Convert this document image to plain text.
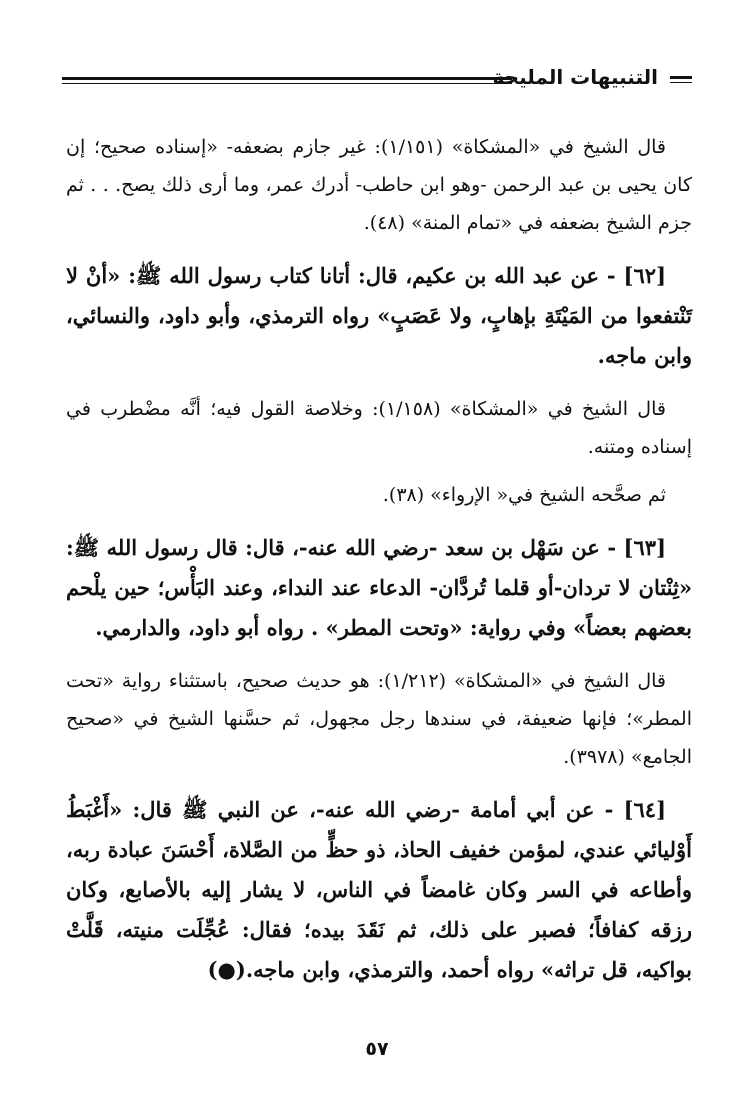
التنبيهات المليحة

قال الشيخ في «المشكاة» (١/١٥١): غير جازم بضعفه- «إسناده صحيح؛ إن كان يحيى بن عبد الرحمن -وهو ابن حاطب- أدرك عمر، وما أرى ذلك يصح. . . ثم جزم الشيخ بضعفه في «تمام المنة» (٤٨).

[٦٢] - عن عبد الله بن عكيم، قال: أتانا كتاب رسول الله ﷺ: «أنْ لا تَنْتفعوا من المَيْتَةِ بإهابٍ، ولا عَصَبٍ» رواه الترمذي، وأبو داود، والنسائي، وابن ماجه.

قال الشيخ في «المشكاة» (١/١٥٨): وخلاصة القول فيه؛ أنَّه مضْطرب في إسناده ومتنه.

ثم صحَّحه الشيخ في« الإرواء» (٣٨).

[٦٣] - عن سَهْل بن سعد -رضي الله عنه-، قال: قال رسول الله ﷺ: «ثِنْتان لا تردان-أو قلما تُردَّان- الدعاء عند النداء، وعند البَأْس؛ حين يلْحم بعضهم بعضاً» وفي رواية: «وتحت المطر» . رواه أبو داود، والدارمي.

قال الشيخ في «المشكاة» (١/٢١٢): هو حديث صحيح، باستثناء رواية «تحت المطر»؛ فإنها ضعيفة، في سندها رجل مجهول، ثم حسَّنها الشيخ في «صحيح الجامع» (٣٩٧٨).

[٦٤] - عن أبي أمامة -رضي الله عنه-، عن النبي ﷺ قال: «أَغْبَطُ أَوْليائي عندي، لمؤمن خفيف الحاذ، ذو حظٍّ من الصَّلاة، أَحْسَنَ عبادة ربه، وأطاعه في السر وكان غامضاً في الناس، لا يشار إليه بالأصابع، وكان رزقه كفافاً؛ فصبر على ذلك، ثم نَقَدَ بيده؛ فقال: عُجِّلَت منيته، قَلَّتْ بواكيه، قل تراثه» رواه أحمد، والترمذي، وابن ماجه.(●)

٥٧
